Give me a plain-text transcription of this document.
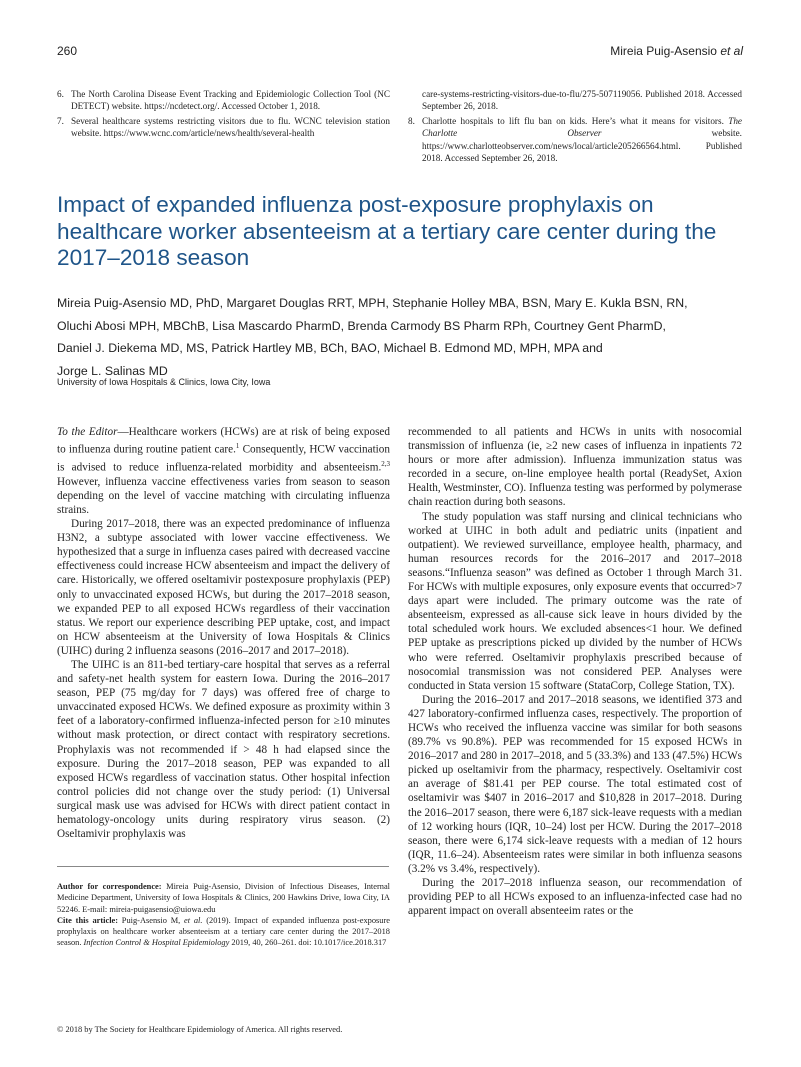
260	Mireia Puig-Asensio et al
6. The North Carolina Disease Event Tracking and Epidemiologic Collection Tool (NC DETECT) website. https://ncdetect.org/. Accessed October 1, 2018.
7. Several healthcare systems restricting visitors due to flu. WCNC television station website. https://www.wcnc.com/article/news/health/several-health
care-systems-restricting-visitors-due-to-flu/275-507119056. Published 2018. Accessed September 26, 2018.
8. Charlotte hospitals to lift flu ban on kids. Here’s what it means for visitors. The Charlotte Observer website. https://www.charlotteobserver.com/news/local/article205266564.html. Published 2018. Accessed September 26, 2018.
Impact of expanded influenza post-exposure prophylaxis on healthcare worker absenteeism at a tertiary care center during the 2017–2018 season
Mireia Puig-Asensio MD, PhD, Margaret Douglas RRT, MPH, Stephanie Holley MBA, BSN, Mary E. Kukla BSN, RN,
Oluchi Abosi MPH, MBChB, Lisa Mascardo PharmD, Brenda Carmody BS Pharm RPh, Courtney Gent PharmD,
Daniel J. Diekema MD, MS, Patrick Hartley MB, BCh, BAO, Michael B. Edmond MD, MPH, MPA and
Jorge L. Salinas MD
University of Iowa Hospitals & Clinics, Iowa City, Iowa

To the Editor—Healthcare workers (HCWs) are at risk of being exposed to influenza during routine patient care.$^1$ Consequently, HCW vaccination is advised to reduce influenza-related morbidity and absenteeism.$^{2,3}$ However, influenza vaccine effectiveness varies from season to season depending on the level of vaccine matching with circulating influenza strains.

During 2017–2018, there was an expected predominance of influenza H3N2, a subtype associated with lower vaccine effectiveness. We hypothesized that a surge in influenza cases paired with decreased vaccine effectiveness could increase HCW absenteeism and impact the delivery of care. Historically, we offered oseltamivir postexposure prophylaxis (PEP) only to unvaccinated exposed HCWs, but during the 2017–2018 season, we expanded PEP to all exposed HCWs regardless of their vaccination status. We report our experience describing PEP uptake, cost, and impact on HCW absenteeism at the University of Iowa Hospitals & Clinics (UIHC) during 2 influenza seasons (2016–2017 and 2017–2018).

The UIHC is an 811-bed tertiary-care hospital that serves as a referral and safety-net health system for eastern Iowa. During the 2016–2017 season, PEP (75 mg/day for 7 days) was offered free of charge to unvaccinated exposed HCWs. We defined exposure as proximity within 3 feet of a laboratory-confirmed influenza-infected person for ≥10 minutes without mask protection, or direct contact with respiratory secretions. Prophylaxis was not recommended if > 48 h had elapsed since the exposure. During the 2017–2018 season, PEP was expanded to all exposed HCWs regardless of vaccination status. Other hospital infection control policies did not change over the study period: (1) Universal surgical mask use was advised for HCWs with direct patient contact in hematology-oncology units during respiratory virus season. (2) Oseltamivir prophylaxis was

recommended to all patients and HCWs in units with nosocomial transmission of influenza (ie, ≥2 new cases of influenza in inpatients 72 hours or more after admission). Influenza immunization status was recorded in a secure, on-line employee health portal (ReadySet, Axion Health, Westminster, CO). Influenza testing was performed by polymerase chain reaction during both seasons.

The study population was staff nursing and clinical technicians who worked at UIHC in both adult and pediatric units (inpatient and outpatient). We reviewed surveillance, employee health, pharmacy, and human resources records for the 2016–2017 and 2017–2018 seasons.“Influenza season” was defined as October 1 through March 31. For HCWs with multiple exposures, only exposure events that occurred>7 days apart were included. The primary outcome was the rate of absenteeism, expressed as all-cause sick leave in hours divided by the total scheduled work hours. We excluded absences<1 hour. We defined PEP uptake as prescriptions picked up divided by the number of HCWs who were referred. Oseltamivir prophylaxis prescribed because of nosocomial transmission was not considered PEP. Analyses were conducted in Stata version 15 software (StataCorp, College Station, TX).

During the 2016–2017 and 2017–2018 seasons, we identified 373 and 427 laboratory-confirmed influenza cases, respectively. The proportion of HCWs who received the influenza vaccine was similar for both seasons (89.7% vs 90.8%). PEP was recommended for 15 exposed HCWs in 2016–2017 and 280 in 2017–2018, and 5 (33.3%) and 133 (47.5%) HCWs picked up oseltamivir from the pharmacy, respectively. Oseltamivir cost an average of $81.41 per PEP course. The total estimated cost of oseltamivir was $407 in 2016–2017 and $10,828 in 2017–2018. During the 2016–2017 season, there were 6,187 sick-leave requests with a median of 12 working hours (IQR, 10–24) lost per HCW. During the 2017–2018 season, there were 6,174 sick-leave requests with a median of 12 hours (IQR, 11.6–24). Absenteeism rates were similar in both influenza seasons (3.2% vs 3.4%, respectively).

During the 2017–2018 influenza season, our recommendation of providing PEP to all HCWs exposed to an influenza-infected case had no apparent impact on overall absenteeim rates or the

Author for correspondence: Mireia Puig-Asensio, Division of Infectious Diseases, Internal Medicine Department, University of Iowa Hospitals & Clinics, 200 Hawkins Drive, Iowa City, IA 52246. E-mail: mireia-puigasensio@uiowa.edu

Cite this article: Puig-Asensio M, et al. (2019). Impact of expanded influenza post-exposure prophylaxis on healthcare worker absenteeism at a tertiary care center during the 2017–2018 season. Infection Control & Hospital Epidemiology 2019, 40, 260–261. doi: 10.1017/ice.2018.317

© 2018 by The Society for Healthcare Epidemiology of America. All rights reserved.
